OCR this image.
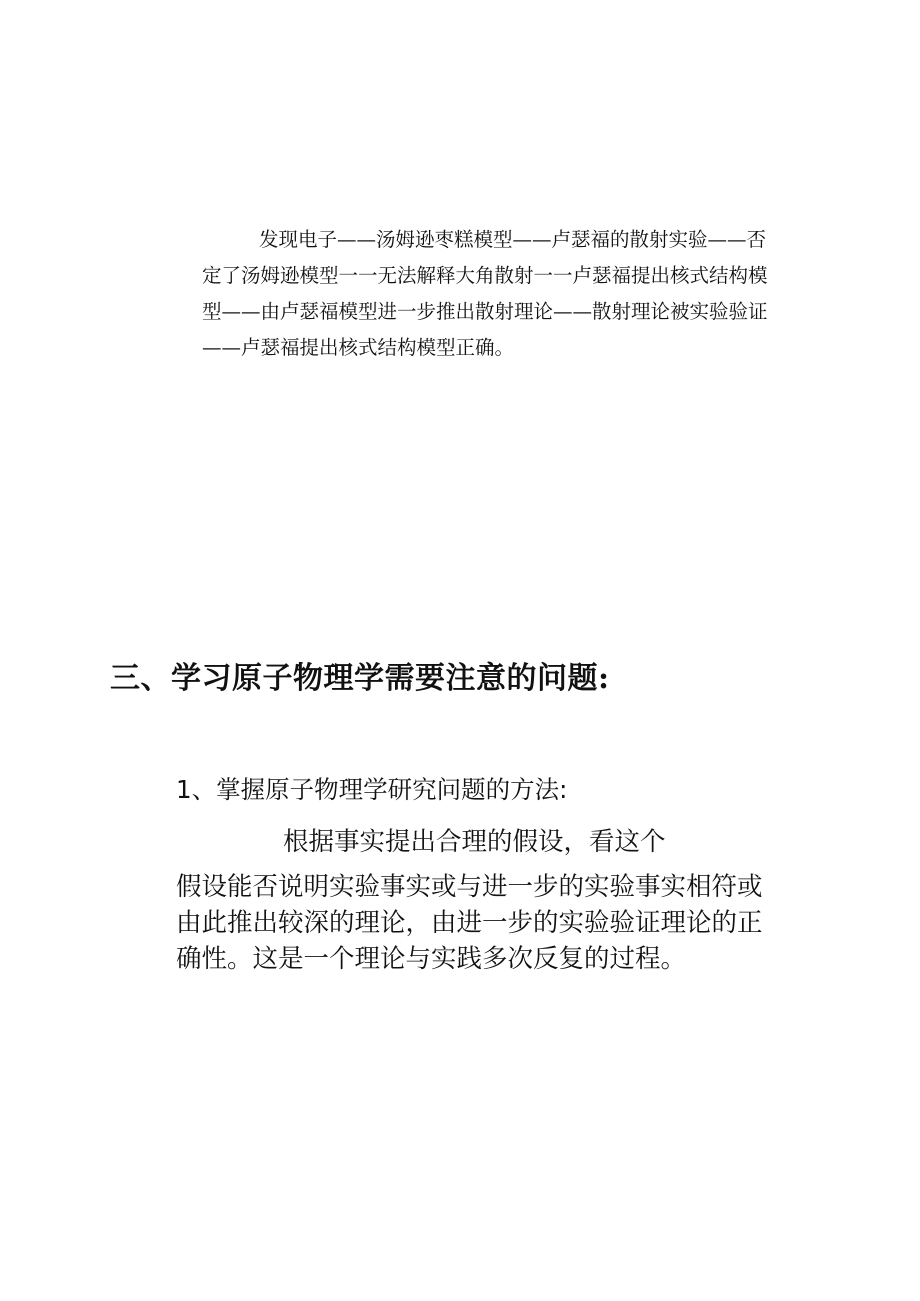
发现电子——汤姆逊枣糕模型——卢瑟福的散射实验——否
定了汤姆逊模型一一无法解释大角散射一一卢瑟福提出核式结构模
型——由卢瑟福模型进一步推出散射理论——散射理论被实验验证
——卢瑟福提出核式结构模型正确。
三、学习原子物理学需要注意的问题:
1、掌握原子物理学研究问题的方法:
根据事实提出合理的假设，看这个
假设能否说明实验事实或与进一步的实验事实相符或
由此推出较深的理论，由进一步的实验验证理论的正
确性。这是一个理论与实践多次反复的过程。
